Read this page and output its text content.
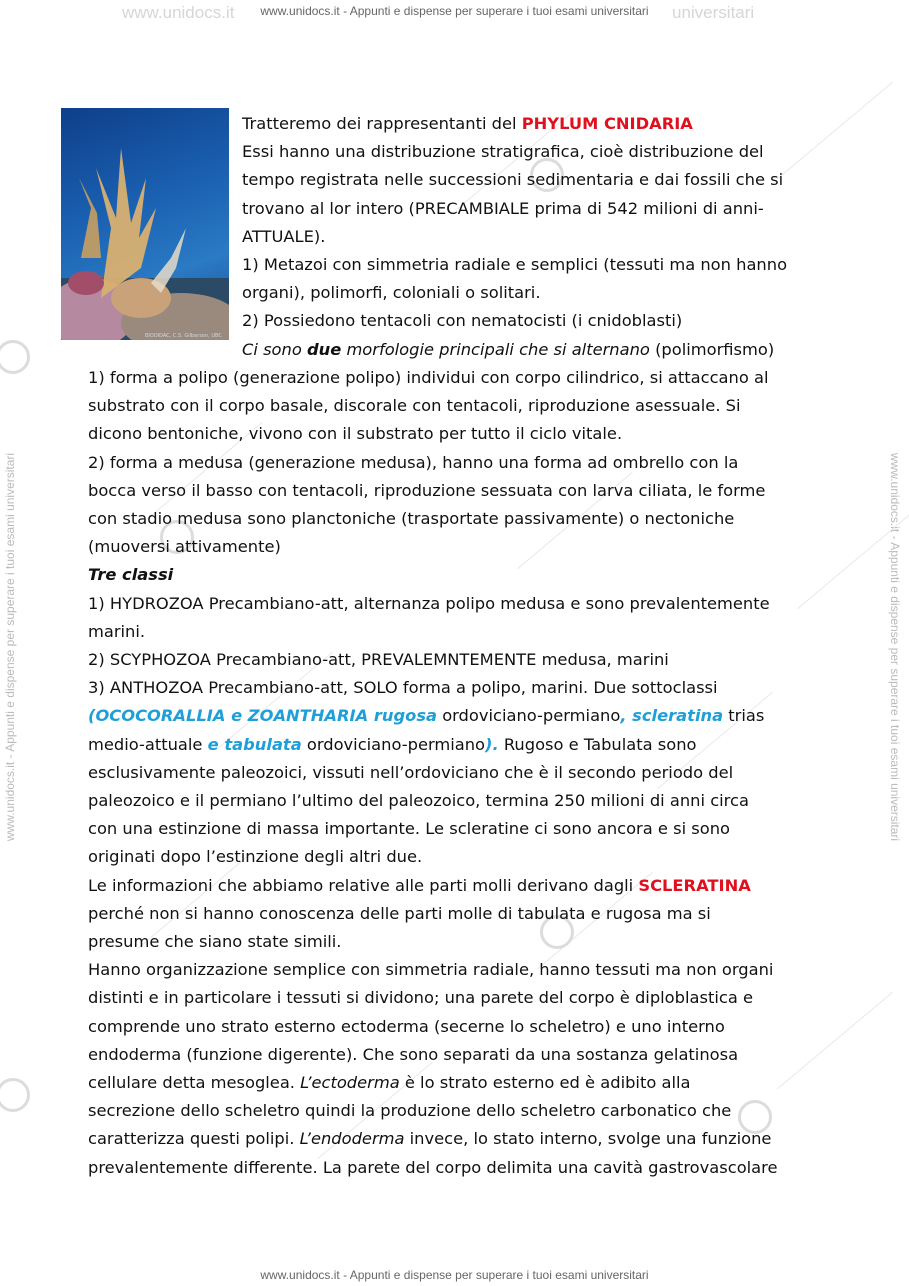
www.unidocs.it www.unidocs.it - Appunti e dispense per superare i tuoi esami universitari universitari
www.unidocs.it - Appunti e dispense per superare i tuoi esami universitari
www.unidocs.it - Appunti e dispense per superare i tuoi esami universitari	www.unidocs.it - Appunti e dispense per superare i tuoi esami universitari
BIODIDAC, C.S. Gilberson, UBC
Tratteremo dei rappresentanti del PHYLUM CNIDARIA
Essi hanno una distribuzione stratigrafica, cioè distribuzione del
tempo registrata nelle successioni sedimentaria e dai fossili che si
trovano al lor intero (PRECAMBIALE prima di 542 milioni di anni-
ATTUALE).
1) Metazoi con simmetria radiale e semplici (tessuti ma non hanno
organi), polimorfi, coloniali o solitari.
2) Possiedono tentacoli con nematocisti (i cnidoblasti)
Ci sono due morfologie principali che si alternano (polimorfismo)
1) forma a polipo (generazione polipo) individui con corpo cilindrico, si attaccano al
substrato con il corpo basale, discorale con tentacoli, riproduzione asessuale. Si
dicono bentoniche, vivono con il substrato per tutto il ciclo vitale.
2) forma a medusa (generazione medusa), hanno una forma ad ombrello con la
bocca verso il basso con tentacoli, riproduzione sessuata con larva ciliata, le forme
con stadio medusa sono planctoniche (trasportate passivamente) o nectoniche
(muoversi attivamente)
Tre classi
1) HYDROZOA Precambiano-att, alternanza polipo medusa e sono prevalentemente
marini.
2) SCYPHOZOA Precambiano-att, PREVALEMNTEMENTE medusa, marini
3) ANTHOZOA Precambiano-att, SOLO forma a polipo, marini. Due sottoclassi
(OCOCORALLIA e ZOANTHARIA rugosa ordoviciano-permiano, scleratina trias
medio-attuale e tabulata ordoviciano-permiano). Rugoso e Tabulata sono
esclusivamente paleozoici, vissuti nell’ordoviciano che è il secondo periodo del
paleozoico e il permiano l’ultimo del paleozoico, termina 250 milioni di anni circa
con una estinzione di massa importante. Le scleratine ci sono ancora e si sono
originati dopo l’estinzione degli altri due.
Le informazioni che abbiamo relative alle parti molli derivano dagli SCLERATINA
perché non si hanno conoscenza delle parti molle di tabulata e rugosa ma si
presume che siano state simili.
Hanno organizzazione semplice con simmetria radiale, hanno tessuti ma non organi
distinti e in particolare i tessuti si dividono; una parete del corpo è diploblastica e
comprende uno strato esterno ectoderma (secerne lo scheletro) e uno interno
endoderma (funzione digerente). Che sono separati da una sostanza gelatinosa
cellulare detta mesoglea. L’ectoderma è lo strato esterno ed è adibito alla
secrezione dello scheletro quindi la produzione dello scheletro carbonatico che
caratterizza questi polipi. L’endoderma invece, lo stato interno, svolge una funzione
prevalentemente differente. La parete del corpo delimita una cavità gastrovascolare
